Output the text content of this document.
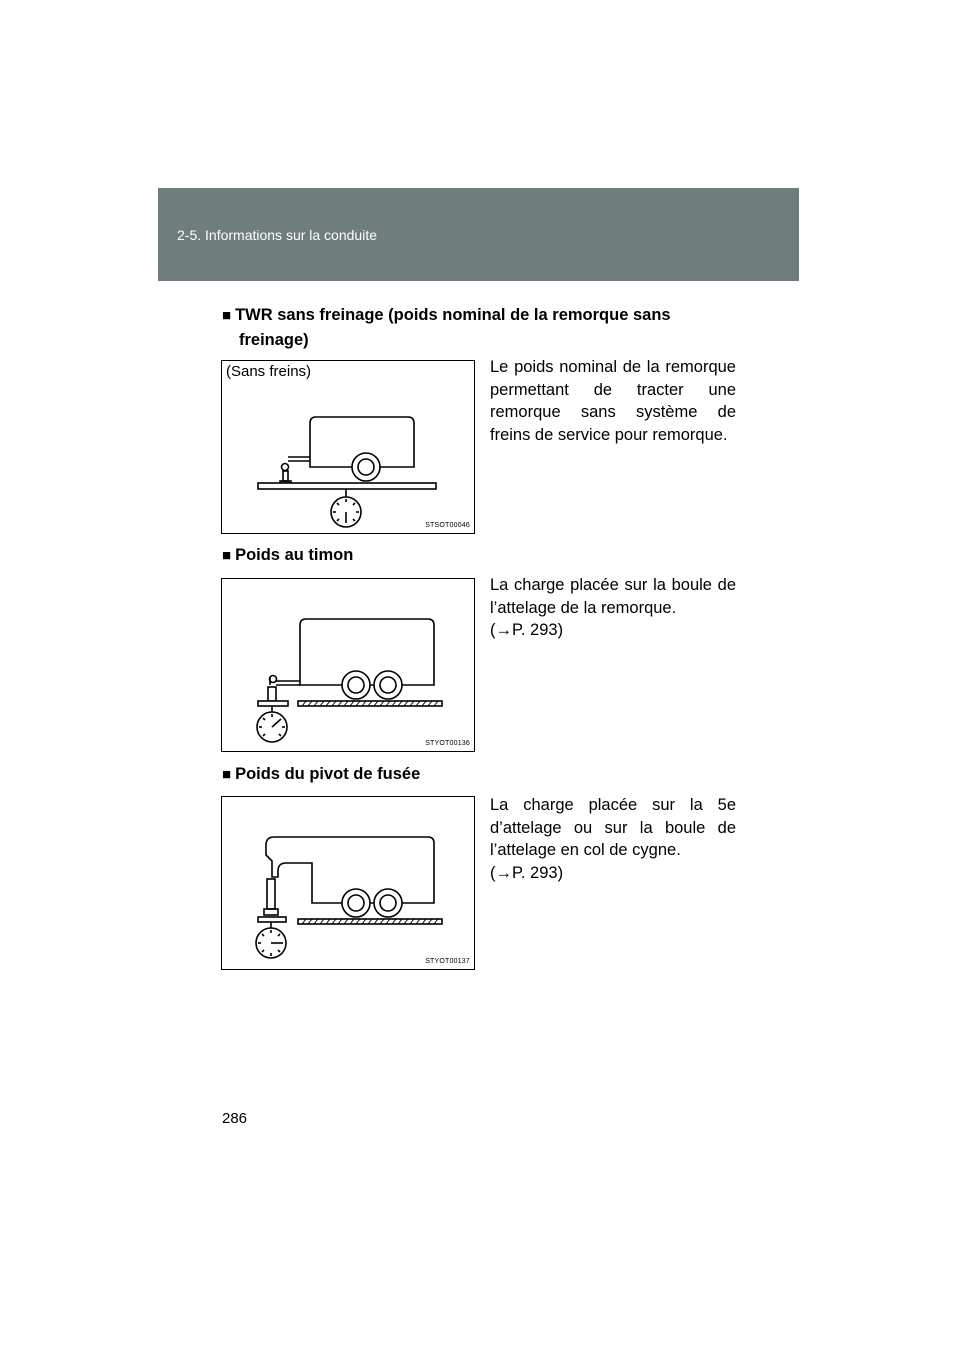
2-5. Informations sur la conduite
■ TWR sans freinage (poids nominal de la remorque sans
freinage)
(Sans freins)
STSOT00046
Le poids nominal de la remorque
permettant de tracter une
remorque sans système de
freins de service pour remorque.
■ Poids au timon
STYOT00136
La charge placée sur la boule de
l’attelage de la remorque.
(→P. 293)
■ Poids du pivot de fusée
STYOT00137
La charge placée sur la 5e
d’attelage ou sur la boule de
l’attelage en col de cygne.
(→P. 293)
286
